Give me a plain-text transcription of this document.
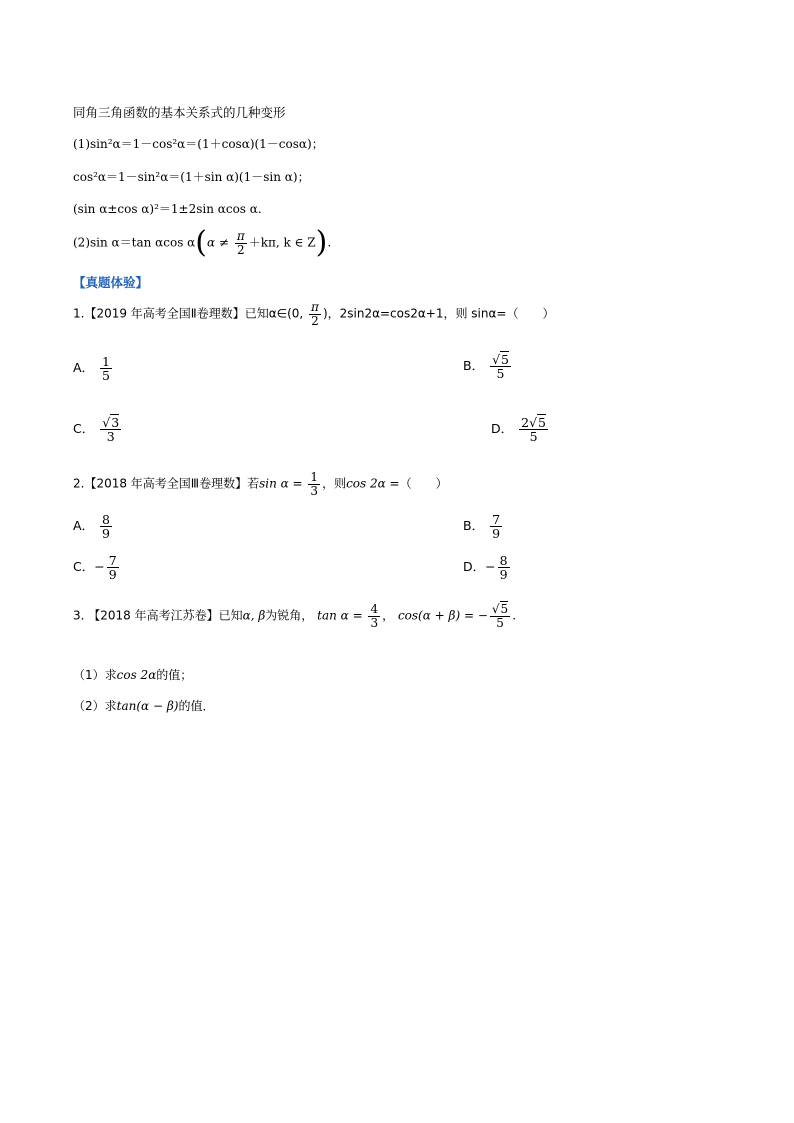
同角三角函数的基本关系式的几种变形
(1)sin²α＝1－cos²α＝(1＋cosα)(1－cosα)；
cos²α＝1－sin²α＝(1＋sin α)(1－sin α)；
(sin α±cos α)²＝1±2sin αcos α.
(2)sin α＝tan αcos $\alpha(\alpha \ne \frac{\pi}{2} +k\pi$, k ∈ Z).
【真题体验】
1.【2019 年高考全国Ⅱ卷理数】已知α∈(0, $\frac{\pi}{2}$ )，2sin2α=cos2α+1，则 sinα=（　　）
A． $\frac{1}{5}$	B． $\frac{√5}{5}$
C． $\frac{√3}{3}$	D． $\frac{2√5}{5}$
2.【2018 年高考全国Ⅲ卷理数】若$\sin \alpha = \frac{1}{3}$ ，则cos 2α =（　　）
A． $\frac{8}{9}$	B． $\frac{7}{9}$
C．− $\frac{7}{9}$	D．− $\frac{8}{9}$
3. 【2018 年高考江苏卷】已知α, β为锐角， $\tan \alpha = \frac{4}{3}$ ， cos(α + β) = − $\frac{√5}{5}$ .
（1）求cos 2α的值；
（2）求tan(α − β)的值．
